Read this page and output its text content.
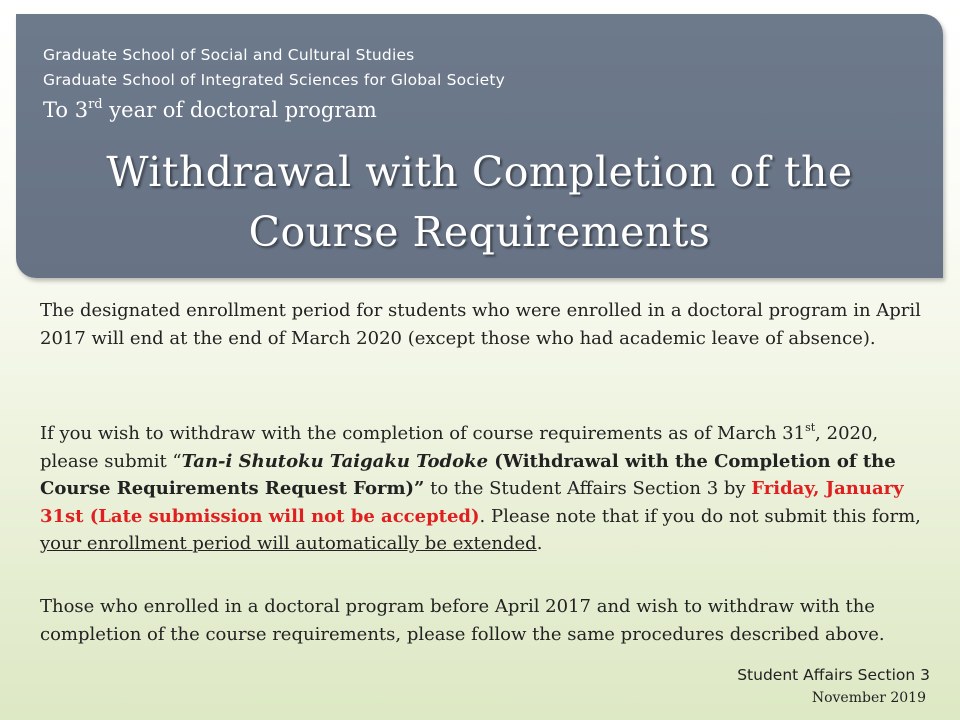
Graduate School of Social and Cultural Studies
Graduate School of Integrated Sciences for Global Society
To 3rd year of doctoral program
Withdrawal with Completion of the
Course Requirements
The designated enrollment period for students who were enrolled in a doctoral program in April 2017 will end at the end of March 2020 (except those who had academic leave of absence).
If you wish to withdraw with the completion of course requirements as of March 31st, 2020, please submit “Tan-i Shutoku Taigaku Todoke (Withdrawal with the Completion of the Course Requirements Request Form)” to the Student Affairs Section 3 by Friday, January 31st (Late submission will not be accepted). Please note that if you do not submit this form, your enrollment period will automatically be extended.
Those who enrolled in a doctoral program before April 2017 and wish to withdraw with the completion of the course requirements, please follow the same procedures described above.
Student Affairs Section 3
November 2019
